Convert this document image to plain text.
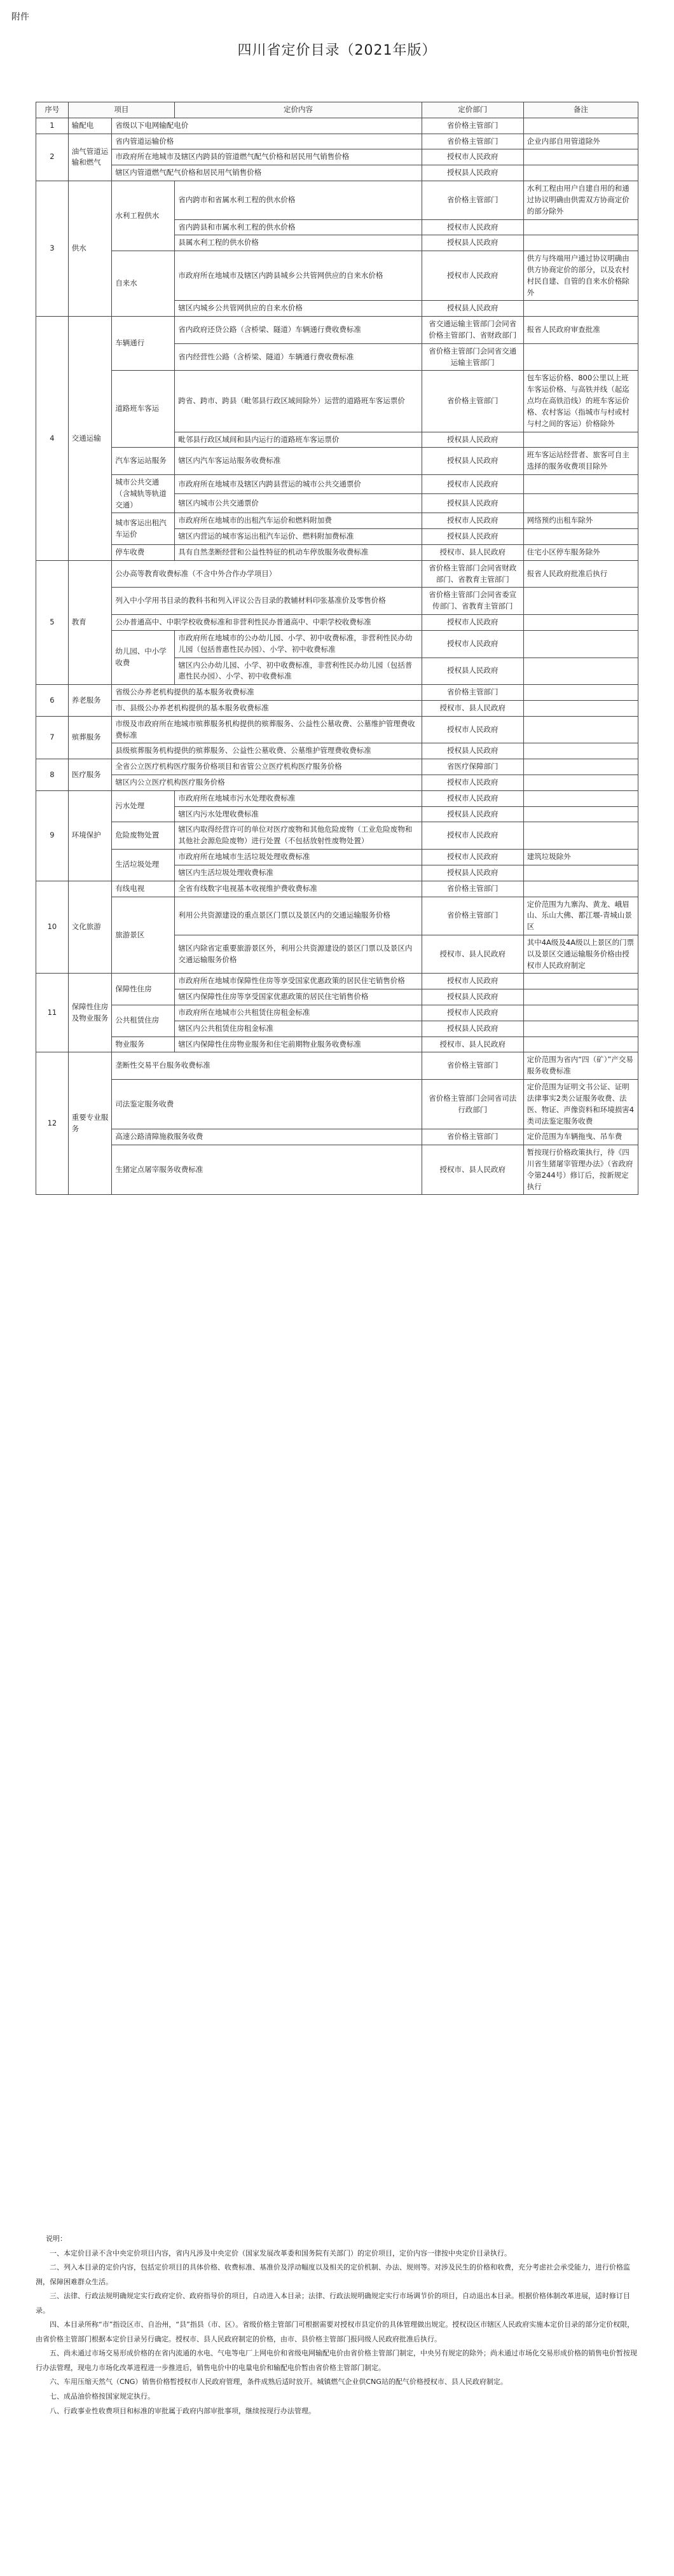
附件
四川省定价目录（2021年版）
序号	项目		定价内容	定价部门	备注
1	输配电	省级以下电网输配电价		省价格主管部门	
2	油气管道运输和燃气	省内管道运输价格		省价格主管部门	企业内部自用管道除外
		市政府所在地城市及辖区内跨县的管道燃气配气价格和居民用气销售价格		授权市人民政府	
		辖区内管道燃气配气价格和居民用气销售价格		授权县人民政府	
3	供水	水利工程供水	省内跨市和省属水利工程的供水价格	省价格主管部门	水利工程由用户自建自用的和通过协议明确由供需双方协商定价的部分除外
			省内跨县和市属水利工程的供水价格	授权市人民政府	
			县属水利工程的供水价格	授权县人民政府	
		自来水	市政府所在地城市及辖区内跨县城乡公共管网供应的自来水价格	授权市人民政府	供方与终端用户通过协议明确由供方协商定价的部分，以及农村村民自建、自管的自来水价格除外
			辖区内城乡公共管网供应的自来水价格	授权县人民政府	
4	交通运输	车辆通行	省内政府还贷公路（含桥梁、隧道）车辆通行费收费标准	省交通运输主管部门会同省价格主管部门、省财政部门	报省人民政府审查批准
			省内经营性公路（含桥梁、隧道）车辆通行费收费标准	省价格主管部门会同省交通运输主管部门	
		道路班车客运	跨省、跨市、跨县（毗邻县行政区域间除外）运营的道路班车客运票价	省价格主管部门	包车客运价格、800公里以上班车客运价格、与高铁并线（起迄点均在高铁沿线）的班车客运价格、农村客运（指城市与村或村与村之间的客运）价格除外
			毗邻县行政区域间和县内运行的道路班车客运票价	授权县人民政府	
		汽车客运站服务	辖区内汽车客运站服务收费标准	授权县人民政府	班车客运站经营者、旅客可自主选择的服务收费项目除外
		城市公共交通（含城轨等轨道交通）	市政府所在地城市及辖区内跨县营运的城市公共交通票价	授权市人民政府	
			辖区内城市公共交通票价	授权县人民政府	
		城市客运出租汽车运价	市政府所在地城市的出租汽车运价和燃料附加费	授权市人民政府	网络预约出租车除外
			辖区内营运的城市客运出租汽车运价、燃料附加费标准	授权县人民政府	
		停车收费	具有自然垄断经营和公益性特征的机动车停放服务收费标准	授权市、县人民政府	住宅小区停车服务除外
5	教育	公办高等教育收费标准（不含中外合作办学项目）		省价格主管部门会同省财政部门、省教育主管部门	报省人民政府批准后执行
		列入中小学用书目录的教科书和列入评议公告目录的教辅材料印张基准价及零售价格		省价格主管部门会同省委宣传部门、省教育主管部门	
		公办普通高中、中职学校收费标准和非营利性民办普通高中、中职学校收费标准		授权市人民政府	
		幼儿园、中小学收费	市政府所在地城市的公办幼儿园、小学、初中收费标准，非营利性民办幼儿园（包括普惠性民办园）、小学、初中收费标准	授权市人民政府	
			辖区内公办幼儿园、小学、初中收费标准，非营利性民办幼儿园（包括普惠性民办园）、小学、初中收费标准	授权县人民政府	
6	养老服务	省级公办养老机构提供的基本服务收费标准		省价格主管部门	
		市、县级公办养老机构提供的基本服务收费标准		授权市、县人民政府	
7	殡葬服务	市级及市政府所在地城市殡葬服务机构提供的殡葬服务、公益性公墓收费、公墓维护管理费收费标准		授权市人民政府	
		县级殡葬服务机构提供的殡葬服务、公益性公墓收费、公墓维护管理费收费标准		授权县人民政府	
8	医疗服务	全省公立医疗机构医疗服务价格项目和省管公立医疗机构医疗服务价格		省医疗保障部门	
		辖区内公立医疗机构医疗服务价格		授权市人民政府	
9	环境保护	污水处理	市政府所在地城市污水处理收费标准	授权市人民政府	
			辖区内污水处理收费标准	授权县人民政府	
		危险废物处置	辖区内取得经营许可的单位对医疗废物和其他危险废物（工业危险废物和其他社会源危险废物）进行处置（不包括放射性废物处置）	授权市人民政府	
		生活垃圾处理	市政府所在地城市生活垃圾处理收费标准	授权市人民政府	建筑垃圾除外
			辖区内生活垃圾处理收费标准	授权县人民政府	
10	文化旅游	有线电视	全省有线数字电视基本收视维护费收费标准	省价格主管部门	
		旅游景区	利用公共资源建设的重点景区门票以及景区内的交通运输服务价格	省价格主管部门	定价范围为九寨沟、黄龙、峨眉山、乐山大佛、都江堰-青城山景区
			辖区内除省定重要旅游景区外，利用公共资源建设的景区门票以及景区内交通运输服务价格	授权市、县人民政府	其中4A级及4A级以上景区的门票以及景区交通运输服务价格由授权市人民政府制定
11	保障性住房及物业服务	保障性住房	市政府所在地城市保障性住房等享受国家优惠政策的居民住宅销售价格	授权市人民政府	
			辖区内保障性住房等享受国家优惠政策的居民住宅销售价格	授权县人民政府	
		公共租赁住房	市政府所在地城市公共租赁住房租金标准	授权市人民政府	
			辖区内公共租赁住房租金标准	授权县人民政府	
		物业服务	辖区内保障性住房物业服务和住宅前期物业服务收费标准	授权市、县人民政府	
12	重要专业服务	垄断性交易平台服务收费标准		省价格主管部门	定价范围为省内“四（矿）”产交易服务收费标准
		司法鉴定服务收费		省价格主管部门会同省司法行政部门	定价范围为证明文书公证、证明法律事实2类公证服务收费、法医、物证、声像资料和环境损害4类司法鉴定服务收费
		高速公路清障施救服务收费		省价格主管部门	定价范围为车辆拖曳、吊车费
		生猪定点屠宰服务收费标准		授权市、县人民政府	暂按现行价格政策执行，待《四川省生猪屠宰管理办法》（省政府令第244号）修订后，按新规定执行
说明：

一、本定价目录不含中央定价项目内容，省内凡涉及中央定价（国家发展改革委和国务院有关部门）的定价项目，定价内容一律按中央定价目录执行。

二、列入本目录的定价内容，包括定价项目的具体价格、收费标准、基准价及浮动幅度以及相关的定价机制、办法、规则等。对涉及民生的价格和收费，充分考虑社会承受能力，进行价格监测，保障困难群众生活。

三、法律、行政法规明确规定实行政府定价、政府指导价的项目，自动进入本目录；法律、行政法规明确规定实行市场调节价的项目，自动退出本目录。根据价格体制改革进展，适时修订目录。

四、本目录所称“市”指设区市、自治州，“县”指县（市、区）。省级价格主管部门可根据需要对授权市县定价的具体管理做出规定。授权设区市辖区人民政府实施本定价目录的部分定价权限，由省价格主管部门根据本定价目录另行确定。授权市、县人民政府制定的价格，由市、县价格主管部门报同级人民政府批准后执行。

五、尚未通过市场交易形成价格的在省内流通的水电、气电等电厂上网电价和省级电网输配电价由省价格主管部门制定，中央另有规定的除外；尚未通过市场化交易形成价格的销售电价暂按现行办法管理，现电力市场化改革进程进一步推进后，销售电价中的电量电价和输配电价暂由省价格主管部门制定。

六、车用压缩天然气（CNG）销售价格暂授权市人民政府管理，条件成熟后适时放开。城镇燃气企业供CNG站的配气价格授权市、县人民政府制定。

七、成品油价格按国家规定执行。

八、行政事业性收费项目和标准的审批属于政府内部审批事项，继续按现行办法管理。
